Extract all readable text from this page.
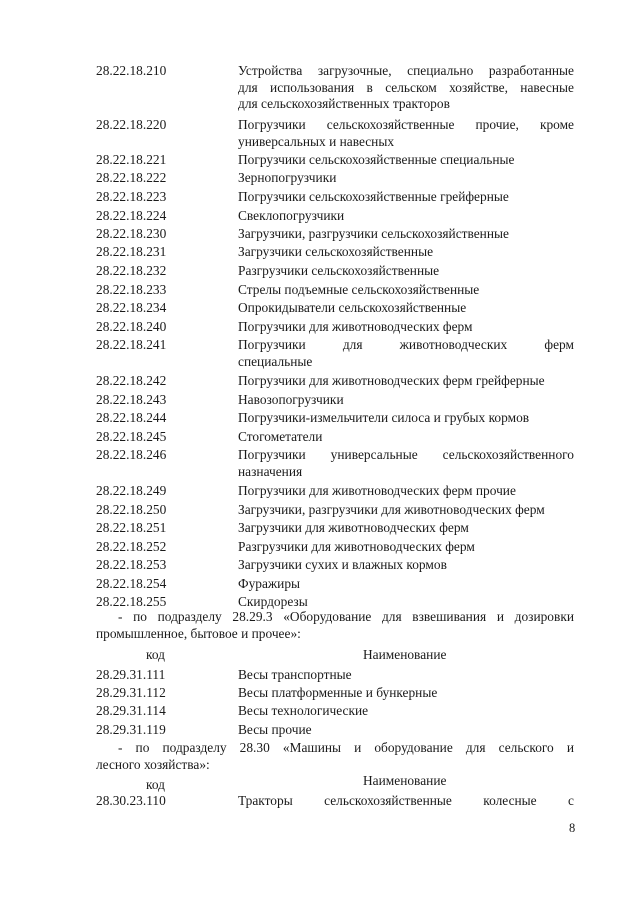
28.22.18.210	Устройства загрузочные, специально разработанные
для использования в сельском хозяйстве, навесные
для сельскохозяйственных тракторов
28.22.18.220	Погрузчики сельскохозяйственные прочие, кроме
универсальных и навесных
28.22.18.221	Погрузчики сельскохозяйственные специальные
28.22.18.222	Зернопогрузчики
28.22.18.223	Погрузчики сельскохозяйственные грейферные
28.22.18.224	Свеклопогрузчики
28.22.18.230	Загрузчики, разгрузчики сельскохозяйственные
28.22.18.231	Загрузчики сельскохозяйственные
28.22.18.232	Разгрузчики сельскохозяйственные
28.22.18.233	Стрелы подъемные сельскохозяйственные
28.22.18.234	Опрокидыватели сельскохозяйственные
28.22.18.240	Погрузчики для животноводческих ферм
28.22.18.241	Погрузчики для животноводческих ферм
специальные
28.22.18.242	Погрузчики для животноводческих ферм грейферные
28.22.18.243	Навозопогрузчики
28.22.18.244	Погрузчики-измельчители силоса и грубых кормов
28.22.18.245	Стогометатели
28.22.18.246	Погрузчики универсальные сельскохозяйственного
назначения
28.22.18.249	Погрузчики для животноводческих ферм прочие
28.22.18.250	Загрузчики, разгрузчики для животноводческих ферм
28.22.18.251	Загрузчики для животноводческих ферм
28.22.18.252	Разгрузчики для животноводческих ферм
28.22.18.253	Загрузчики сухих и влажных кормов
28.22.18.254	Фуражиры
28.22.18.255	Скирдорезы
- по подразделу 28.29.3 «Оборудование для взвешивания и дозировки
промышленное, бытовое и прочее»:
код	Наименование
28.29.31.111	Весы транспортные
28.29.31.112	Весы платформенные и бункерные
28.29.31.114	Весы технологические
28.29.31.119	Весы прочие
- по подразделу 28.30 «Машины и оборудование для сельского и
лесного хозяйства»:
код	Наименование
28.30.23.110	Тракторы сельскохозяйственные колесные с
8
